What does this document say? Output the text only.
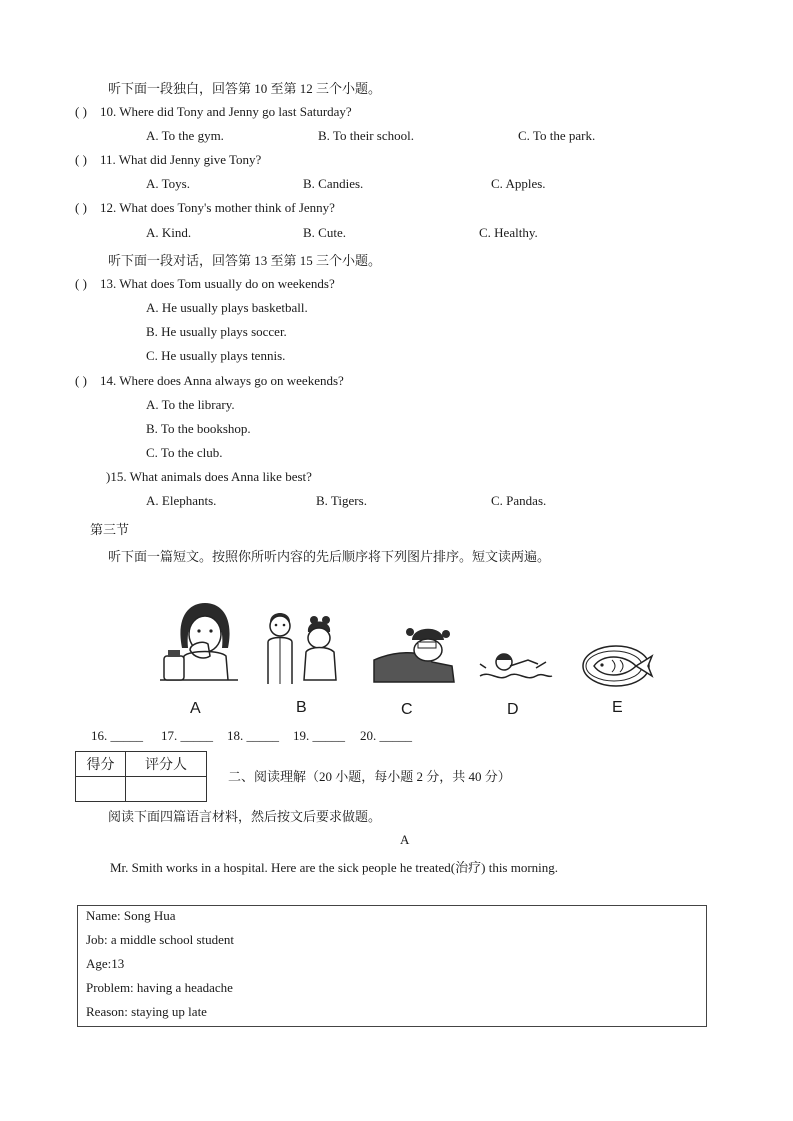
听下面一段独白，回答第 10 至第 12 三个小题。
( ) 10. Where did Tony and Jenny go last Saturday?
A. To the gym.	B. To their school.	C. To the park.
( ) 11. What did Jenny give Tony?
A. Toys.	B. Candies.	C. Apples.
( ) 12. What does Tony's mother think of Jenny?
A. Kind.	B. Cute.	C. Healthy.
听下面一段对话，回答第 13 至第 15 三个小题。
( ) 13. What does Tom usually do on weekends?
A. He usually plays basketball.
B. He usually plays soccer.
C. He usually plays tennis.
( ) 14. Where does Anna always go on weekends?
A. To the library.
B. To the bookshop.
C. To the club.
)15. What animals does Anna like best?
A. Elephants.	B. Tigers.	C. Pandas.
第三节
听下面一篇短文。按照你所听内容的先后顺序将下列图片排序。短文读两遍。
A	B	C	D	E
16. _____ 17. _____ 18. _____ 19. _____ 20. _____
得分	评分人

二、阅读理解（20 小题，每小题 2 分，共 40 分）
阅读下面四篇语言材料，然后按文后要求做题。
A
Mr. Smith works in a hospital. Here are the sick people he treated(治疗) this morning.
Name: Song Hua
Job: a middle school student
Age:13
Problem: having a headache
Reason: staying up late
